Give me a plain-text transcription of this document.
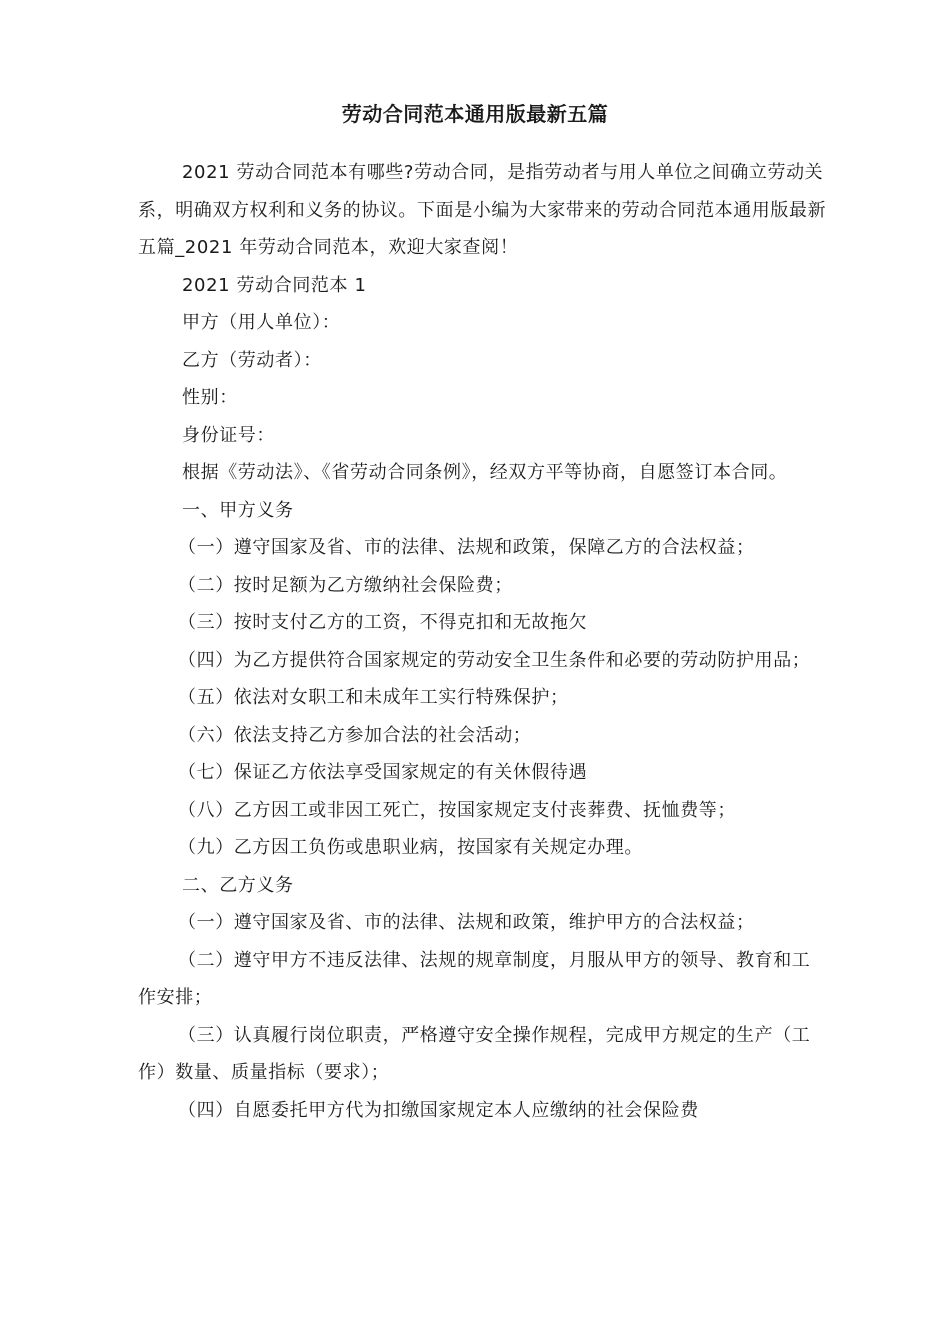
劳动合同范本通用版最新五篇

2021 劳动合同范本有哪些?劳动合同，是指劳动者与用人单位之间确立劳动关系，明确双方权利和义务的协议。下面是小编为大家带来的劳动合同范本通用版最新五篇_2021 年劳动合同范本，欢迎大家查阅！

2021 劳动合同范本 1

甲方（用人单位）：

乙方（劳动者）：

性别：

身份证号：

根据《劳动法》、《省劳动合同条例》，经双方平等协商，自愿签订本合同。

一、甲方义务

（一）遵守国家及省、市的法律、法规和政策，保障乙方的合法权益；

（二）按时足额为乙方缴纳社会保险费；

（三）按时支付乙方的工资，不得克扣和无故拖欠

（四）为乙方提供符合国家规定的劳动安全卫生条件和必要的劳动防护用品；

（五）依法对女职工和未成年工实行特殊保护；

（六）依法支持乙方参加合法的社会活动；

（七）保证乙方依法享受国家规定的有关休假待遇

（八）乙方因工或非因工死亡，按国家规定支付丧葬费、抚恤费等；

（九）乙方因工负伤或患职业病，按国家有关规定办理。

二、乙方义务

（一）遵守国家及省、市的法律、法规和政策，维护甲方的合法权益；

（二）遵守甲方不违反法律、法规的规章制度，月服从甲方的领导、教育和工作安排；

（三）认真履行岗位职责，严格遵守安全操作规程，完成甲方规定的生产（工作）数量、质量指标（要求）；

（四）自愿委托甲方代为扣缴国家规定本人应缴纳的社会保险费
